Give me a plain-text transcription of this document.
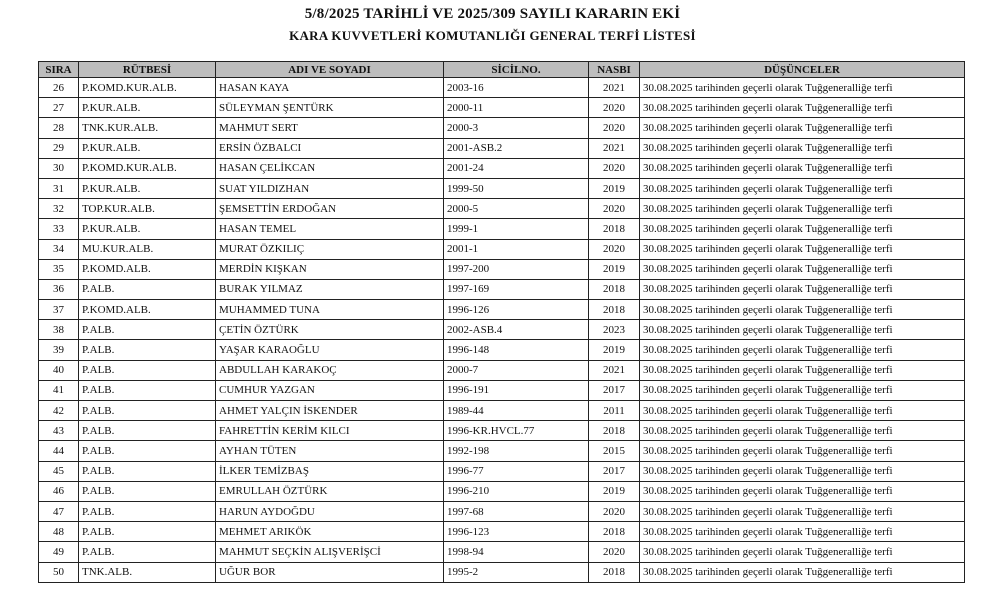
5/8/2025 TARİHLİ VE 2025/309 SAYILI KARARIN EKİ
KARA KUVVETLERİ KOMUTANLIĞI GENERAL TERFİ LİSTESİ
SIRA	RÜTBESİ	ADI VE SOYADI	SİCİLNO.	NASBI	DÜŞÜNCELER
26	P.KOMD.KUR.ALB.	HASAN KAYA	2003-16	2021	30.08.2025 tarihinden geçerli olarak Tuğgeneralliğe terfi
27	P.KUR.ALB.	SÜLEYMAN ŞENTÜRK	2000-11	2020	30.08.2025 tarihinden geçerli olarak Tuğgeneralliğe terfi
28	TNK.KUR.ALB.	MAHMUT SERT	2000-3	2020	30.08.2025 tarihinden geçerli olarak Tuğgeneralliğe terfi
29	P.KUR.ALB.	ERSİN ÖZBALCI	2001-ASB.2	2021	30.08.2025 tarihinden geçerli olarak Tuğgeneralliğe terfi
30	P.KOMD.KUR.ALB.	HASAN ÇELİKCAN	2001-24	2020	30.08.2025 tarihinden geçerli olarak Tuğgeneralliğe terfi
31	P.KUR.ALB.	SUAT YILDIZHAN	1999-50	2019	30.08.2025 tarihinden geçerli olarak Tuğgeneralliğe terfi
32	TOP.KUR.ALB.	ŞEMSETTİN ERDOĞAN	2000-5	2020	30.08.2025 tarihinden geçerli olarak Tuğgeneralliğe terfi
33	P.KUR.ALB.	HASAN TEMEL	1999-1	2018	30.08.2025 tarihinden geçerli olarak Tuğgeneralliğe terfi
34	MU.KUR.ALB.	MURAT ÖZKILIÇ	2001-1	2020	30.08.2025 tarihinden geçerli olarak Tuğgeneralliğe terfi
35	P.KOMD.ALB.	MERDİN KIŞKAN	1997-200	2019	30.08.2025 tarihinden geçerli olarak Tuğgeneralliğe terfi
36	P.ALB.	BURAK YILMAZ	1997-169	2018	30.08.2025 tarihinden geçerli olarak Tuğgeneralliğe terfi
37	P.KOMD.ALB.	MUHAMMED TUNA	1996-126	2018	30.08.2025 tarihinden geçerli olarak Tuğgeneralliğe terfi
38	P.ALB.	ÇETİN ÖZTÜRK	2002-ASB.4	2023	30.08.2025 tarihinden geçerli olarak Tuğgeneralliğe terfi
39	P.ALB.	YAŞAR KARAOĞLU	1996-148	2019	30.08.2025 tarihinden geçerli olarak Tuğgeneralliğe terfi
40	P.ALB.	ABDULLAH KARAKOÇ	2000-7	2021	30.08.2025 tarihinden geçerli olarak Tuğgeneralliğe terfi
41	P.ALB.	CUMHUR YAZGAN	1996-191	2017	30.08.2025 tarihinden geçerli olarak Tuğgeneralliğe terfi
42	P.ALB.	AHMET YALÇIN İSKENDER	1989-44	2011	30.08.2025 tarihinden geçerli olarak Tuğgeneralliğe terfi
43	P.ALB.	FAHRETTİN KERİM KILCI	1996-KR.HVCL.77	2018	30.08.2025 tarihinden geçerli olarak Tuğgeneralliğe terfi
44	P.ALB.	AYHAN TÜTEN	1992-198	2015	30.08.2025 tarihinden geçerli olarak Tuğgeneralliğe terfi
45	P.ALB.	İLKER TEMİZBAŞ	1996-77	2017	30.08.2025 tarihinden geçerli olarak Tuğgeneralliğe terfi
46	P.ALB.	EMRULLAH ÖZTÜRK	1996-210	2019	30.08.2025 tarihinden geçerli olarak Tuğgeneralliğe terfi
47	P.ALB.	HARUN AYDOĞDU	1997-68	2020	30.08.2025 tarihinden geçerli olarak Tuğgeneralliğe terfi
48	P.ALB.	MEHMET ARIKÖK	1996-123	2018	30.08.2025 tarihinden geçerli olarak Tuğgeneralliğe terfi
49	P.ALB.	MAHMUT SEÇKİN ALIŞVERİŞCİ	1998-94	2020	30.08.2025 tarihinden geçerli olarak Tuğgeneralliğe terfi
50	TNK.ALB.	UĞUR BOR	1995-2	2018	30.08.2025 tarihinden geçerli olarak Tuğgeneralliğe terfi
